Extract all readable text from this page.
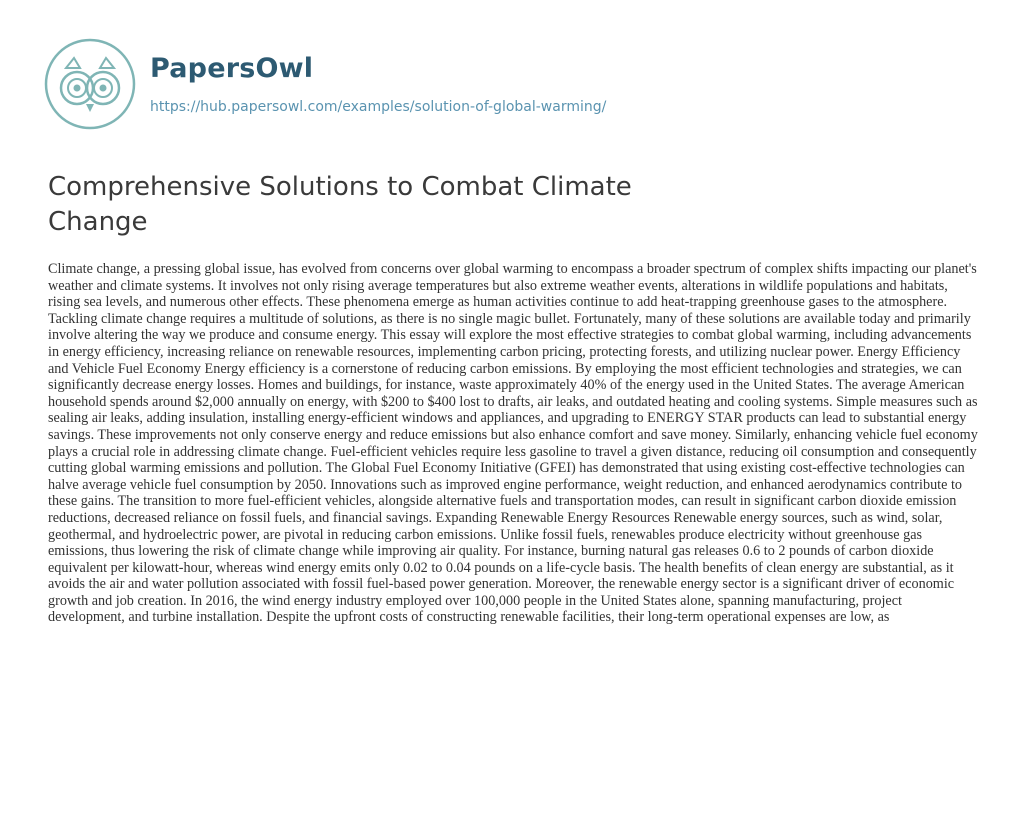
PapersOwl
https://hub.papersowl.com/examples/solution-of-global-warming/
Comprehensive Solutions to Combat Climate Change

Climate change, a pressing global issue, has evolved from concerns over global warming to encompass a broader spectrum of complex shifts impacting our planet's weather and climate systems. It involves not only rising average temperatures but also extreme weather events, alterations in wildlife populations and habitats, rising sea levels, and numerous other effects. These phenomena emerge as human activities continue to add heat-trapping greenhouse gases to the atmosphere. Tackling climate change requires a multitude of solutions, as there is no single magic bullet. Fortunately, many of these solutions are available today and primarily involve altering the way we produce and consume energy. This essay will explore the most effective strategies to combat global warming, including advancements in energy efficiency, increasing reliance on renewable resources, implementing carbon pricing, protecting forests, and utilizing nuclear power. Energy Efficiency and Vehicle Fuel Economy Energy efficiency is a cornerstone of reducing carbon emissions. By employing the most efficient technologies and strategies, we can significantly decrease energy losses. Homes and buildings, for instance, waste approximately 40% of the energy used in the United States. The average American household spends around $2,000 annually on energy, with $200 to $400 lost to drafts, air leaks, and outdated heating and cooling systems. Simple measures such as sealing air leaks, adding insulation, installing energy-efficient windows and appliances, and upgrading to ENERGY STAR products can lead to substantial energy savings. These improvements not only conserve energy and reduce emissions but also enhance comfort and save money. Similarly, enhancing vehicle fuel economy plays a crucial role in addressing climate change. Fuel-efficient vehicles require less gasoline to travel a given distance, reducing oil consumption and consequently cutting global warming emissions and pollution. The Global Fuel Economy Initiative (GFEI) has demonstrated that using existing cost-effective technologies can halve average vehicle fuel consumption by 2050. Innovations such as improved engine performance, weight reduction, and enhanced aerodynamics contribute to these gains. The transition to more fuel-efficient vehicles, alongside alternative fuels and transportation modes, can result in significant carbon dioxide emission reductions, decreased reliance on fossil fuels, and financial savings. Expanding Renewable Energy Resources Renewable energy sources, such as wind, solar, geothermal, and hydroelectric power, are pivotal in reducing carbon emissions. Unlike fossil fuels, renewables produce electricity without greenhouse gas emissions, thus lowering the risk of climate change while improving air quality. For instance, burning natural gas releases 0.6 to 2 pounds of carbon dioxide equivalent per kilowatt-hour, whereas wind energy emits only 0.02 to 0.04 pounds on a life-cycle basis. The health benefits of clean energy are substantial, as it avoids the air and water pollution associated with fossil fuel-based power generation. Moreover, the renewable energy sector is a significant driver of economic growth and job creation. In 2016, the wind energy industry employed over 100,000 people in the United States alone, spanning manufacturing, project development, and turbine installation. Despite the upfront costs of constructing renewable facilities, their long-term operational expenses are low, as
